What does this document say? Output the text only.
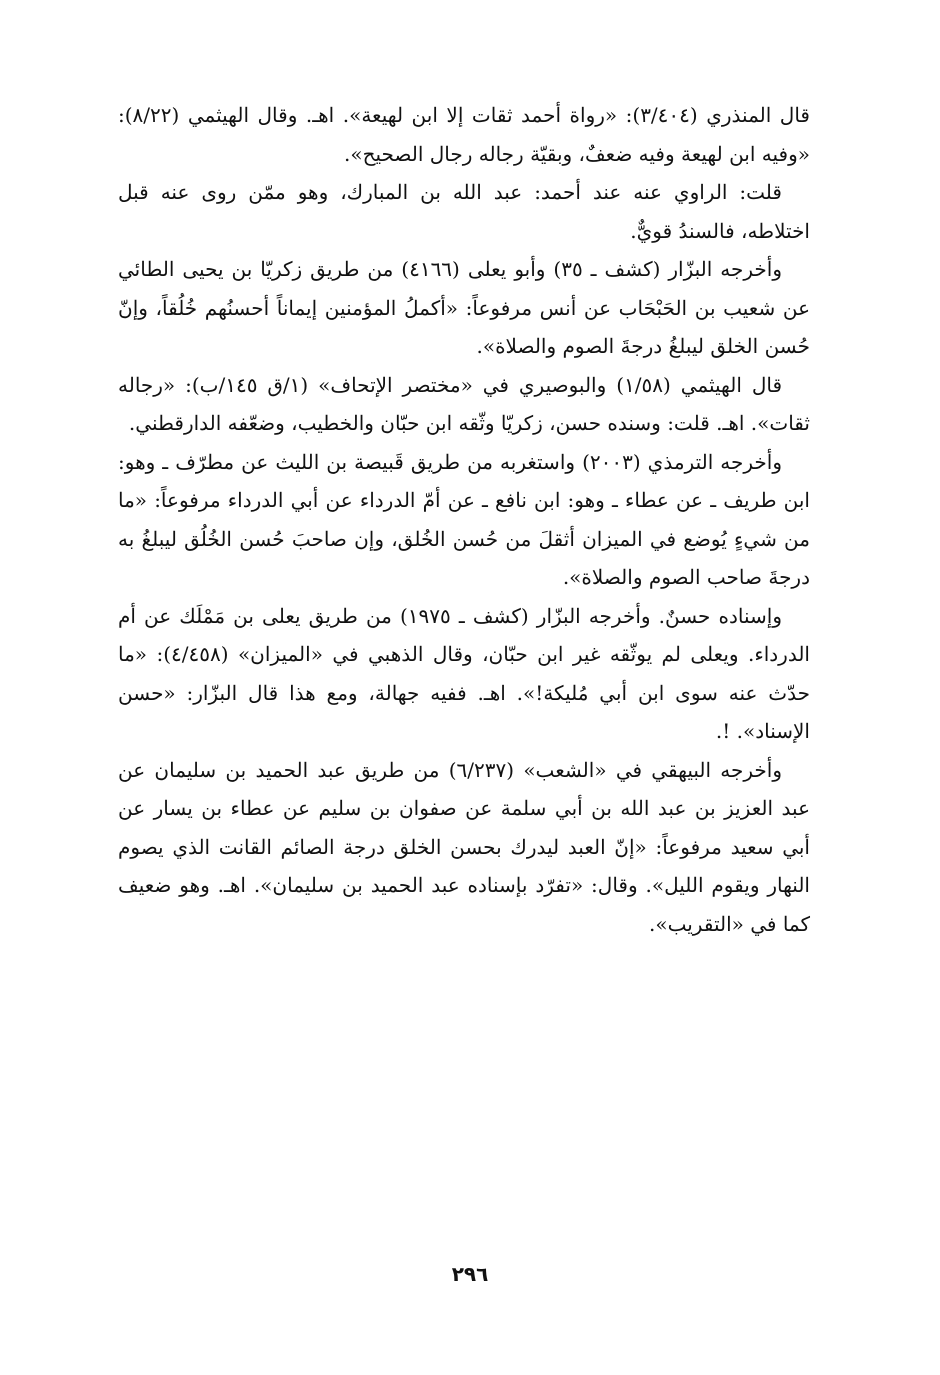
قال المنذري (٣/٤٠٤): «رواة أحمد ثقات إلا ابن لهيعة». اهـ. وقال الهيثمي (٨/٢٢): «وفيه ابن لهيعة وفيه ضعفٌ، وبقيّة رجاله رجال الصحيح».

قلت: الراوي عنه عند أحمد: عبد الله بن المبارك، وهو ممّن روى عنه قبل اختلاطه، فالسندُ قويٌّ.

وأخرجه البزّار (كشف ـ ٣٥) وأبو يعلى (٤١٦٦) من طريق زكريّا بن يحيى الطائي عن شعيب بن الحَبْحَاب عن أنس مرفوعاً: «أكملُ المؤمنين إيماناً أحسنُهم خُلُقاً، وإنّ حُسن الخلق ليبلغُ درجةَ الصوم والصلاة».

قال الهيثمي (١/٥٨) والبوصيري في «مختصر الإتحاف» (١/ق ١٤٥/ب): «رجاله ثقات». اهـ. قلت: وسنده حسن، زكريّا وثّقه ابن حبّان والخطيب، وضعّفه الدارقطني.

وأخرجه الترمذي (٢٠٠٣) واستغربه من طريق قَبيصة بن الليث عن مطرّف ـ وهو: ابن طريف ـ عن عطاء ـ وهو: ابن نافع ـ عن أمّ الدرداء عن أبي الدرداء مرفوعاً: «ما من شيءٍ يُوضع في الميزان أثقلَ من حُسن الخُلق، وإن صاحبَ حُسن الخُلُق ليبلغُ به درجةَ صاحب الصوم والصلاة».

وإسناده حسنٌ. وأخرجه البزّار (كشف ـ ١٩٧٥) من طريق يعلى بن مَمْلَك عن أم الدرداء. ويعلى لم يوثّقه غير ابن حبّان، وقال الذهبي في «الميزان» (٤/٤٥٨): «ما حدّث عنه سوى ابن أبي مُليكة!». اهـ. ففيه جهالة، ومع هذا قال البزّار: «حسن الإسناد». !.

وأخرجه البيهقي في «الشعب» (٦/٢٣٧) من طريق عبد الحميد بن سليمان عن عبد العزيز بن عبد الله بن أبي سلمة عن صفوان بن سليم عن عطاء بن يسار عن أبي سعيد مرفوعاً: «إنّ العبد ليدرك بحسن الخلق درجة الصائم القانت الذي يصوم النهار ويقوم الليل». وقال: «تفرّد بإسناده عبد الحميد بن سليمان». اهـ. وهو ضعيف كما في «التقريب».

٢٩٦
